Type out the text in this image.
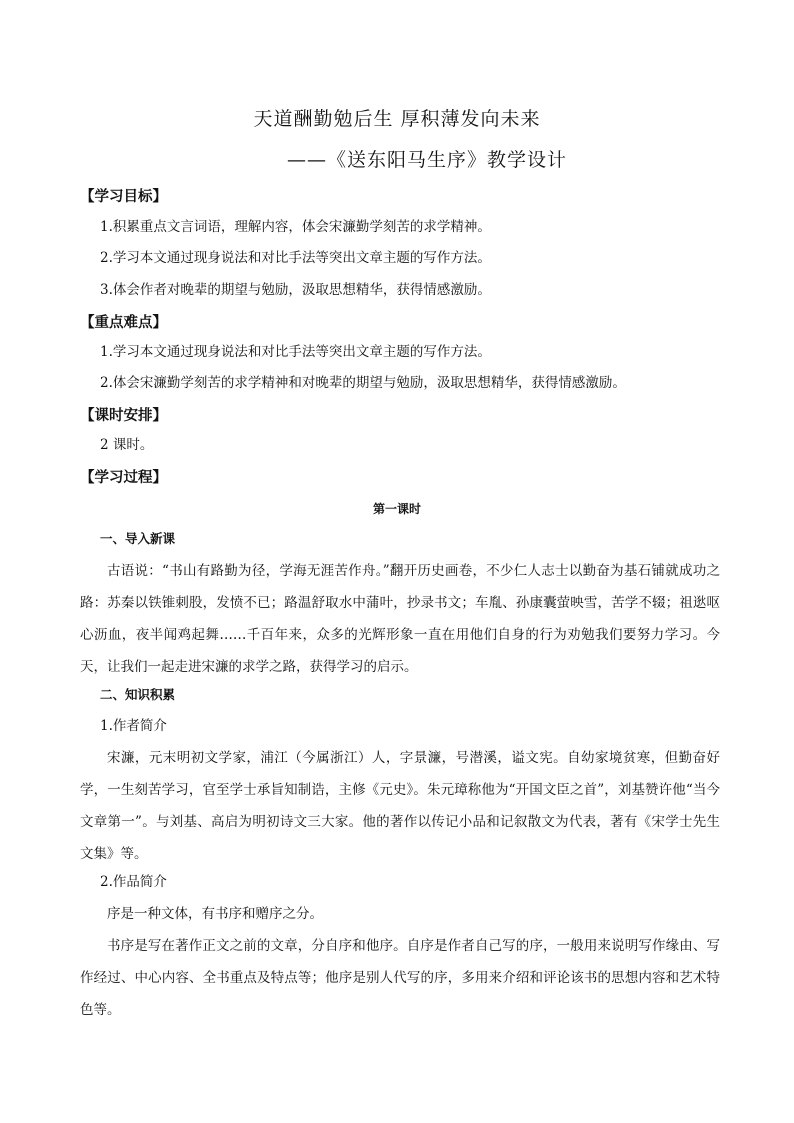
天道酬勤勉后生 厚积薄发向未来
——《送东阳马生序》教学设计
【学习目标】
1.积累重点文言词语，理解内容，体会宋濂勤学刻苦的求学精神。
2.学习本文通过现身说法和对比手法等突出文章主题的写作方法。
3.体会作者对晚辈的期望与勉励，汲取思想精华，获得情感激励。
【重点难点】
1.学习本文通过现身说法和对比手法等突出文章主题的写作方法。
2.体会宋濂勤学刻苦的求学精神和对晚辈的期望与勉励，汲取思想精华，获得情感激励。
【课时安排】
2 课时。
【学习过程】
第一课时
一、导入新课

古语说：“书山有路勤为径，学海无涯苦作舟。”翻开历史画卷，不少仁人志士以勤奋为基石铺就成功之路：苏秦以铁锥刺股，发愤不已；路温舒取水中蒲叶，抄录书文；车胤、孙康囊萤映雪，苦学不辍；祖逖呕心沥血，夜半闻鸡起舞……千百年来，众多的光辉形象一直在用他们自身的行为劝勉我们要努力学习。今天，让我们一起走进宋濂的求学之路，获得学习的启示。

二、知识积累
1.作者简介

宋濂，元末明初文学家，浦江（今属浙江）人，字景濂，号潜溪，谥文宪。自幼家境贫寒，但勤奋好学，一生刻苦学习，官至学士承旨知制诰，主修《元史》。朱元璋称他为“开国文臣之首”，刘基赞许他“当今文章第一”。与刘基、高启为明初诗文三大家。他的著作以传记小品和记叙散文为代表，著有《宋学士先生文集》等。

2.作品简介

序是一种文体，有书序和赠序之分。

书序是写在著作正文之前的文章，分自序和他序。自序是作者自己写的序，一般用来说明写作缘由、写作经过、中心内容、全书重点及特点等；他序是别人代写的序，多用来介绍和评论该书的思想内容和艺术特色等。
